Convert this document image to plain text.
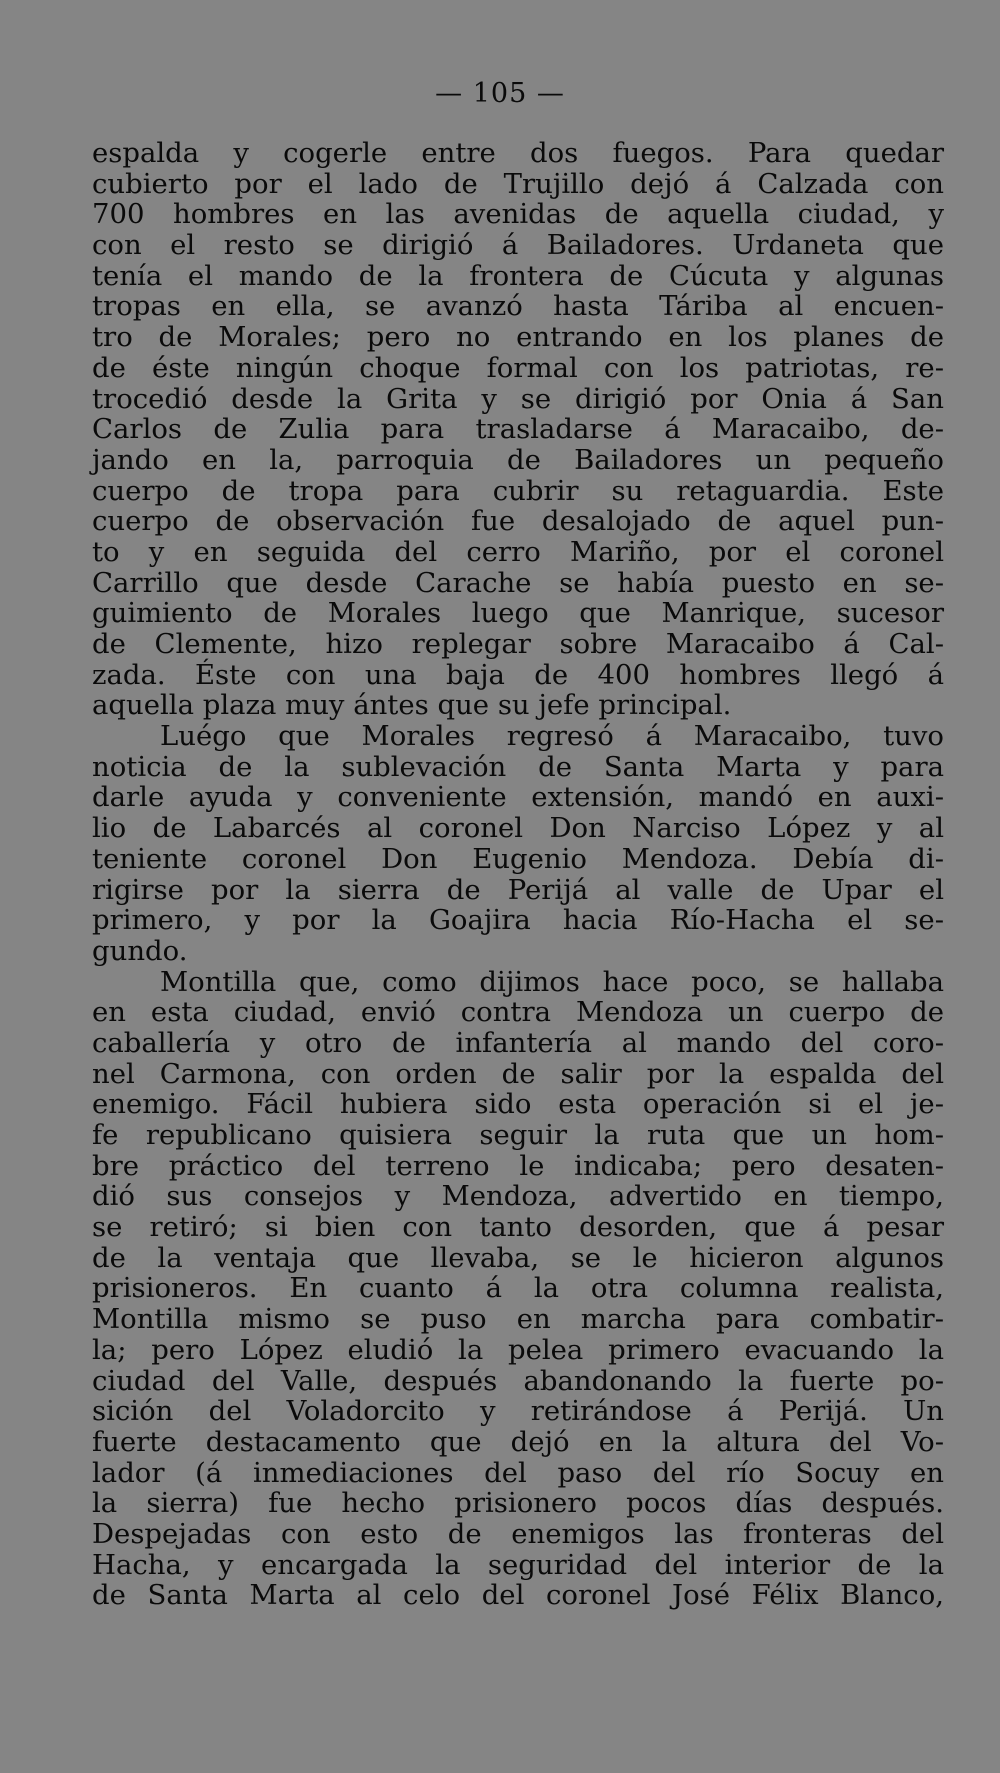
— 105 —
espalda y cogerle entre dos fuegos. Para quedar
cubierto por el lado de Trujillo dejó á Calzada con
700 hombres en las avenidas de aquella ciudad, y
con el resto se dirigió á Bailadores. Urdaneta que
tenía el mando de la frontera de Cúcuta y algunas
tropas en ella, se avanzó hasta Táriba al encuen-
tro de Morales; pero no entrando en los planes de
de éste ningún choque formal con los patriotas, re-
trocedió desde la Grita y se dirigió por Onia á San
Carlos de Zulia para trasladarse á Maracaibo, de-
jando en la, parroquia de Bailadores un pequeño
cuerpo de tropa para cubrir su retaguardia. Este
cuerpo de observación fue desalojado de aquel pun-
to y en seguida del cerro Mariño, por el coronel
Carrillo que desde Carache se había puesto en se-
guimiento de Morales luego que Manrique, sucesor
de Clemente, hizo replegar sobre Maracaibo á Cal-
zada. Éste con una baja de 400 hombres llegó á
aquella plaza muy ántes que su jefe principal.
Luégo que Morales regresó á Maracaibo, tuvo
noticia de la sublevación de Santa Marta y para
darle ayuda y conveniente extensión, mandó en auxi-
lio de Labarcés al coronel Don Narciso López y al
teniente coronel Don Eugenio Mendoza. Debía di-
rigirse por la sierra de Perijá al valle de Upar el
primero, y por la Goajira hacia Río-Hacha el se-
gundo.
Montilla que, como dijimos hace poco, se hallaba
en esta ciudad, envió contra Mendoza un cuerpo de
caballería y otro de infantería al mando del coro-
nel Carmona, con orden de salir por la espalda del
enemigo. Fácil hubiera sido esta operación si el je-
fe republicano quisiera seguir la ruta que un hom-
bre práctico del terreno le indicaba; pero desaten-
dió sus consejos y Mendoza, advertido en tiempo,
se retiró; si bien con tanto desorden, que á pesar
de la ventaja que llevaba, se le hicieron algunos
prisioneros. En cuanto á la otra columna realista,
Montilla mismo se puso en marcha para combatir-
la; pero López eludió la pelea primero evacuando la
ciudad del Valle, después abandonando la fuerte po-
sición del Voladorcito y retirándose á Perijá. Un
fuerte destacamento que dejó en la altura del Vo-
lador (á inmediaciones del paso del río Socuy en
la sierra) fue hecho prisionero pocos días después.
Despejadas con esto de enemigos las fronteras del
Hacha, y encargada la seguridad del interior de la
de Santa Marta al celo del coronel José Félix Blanco,
